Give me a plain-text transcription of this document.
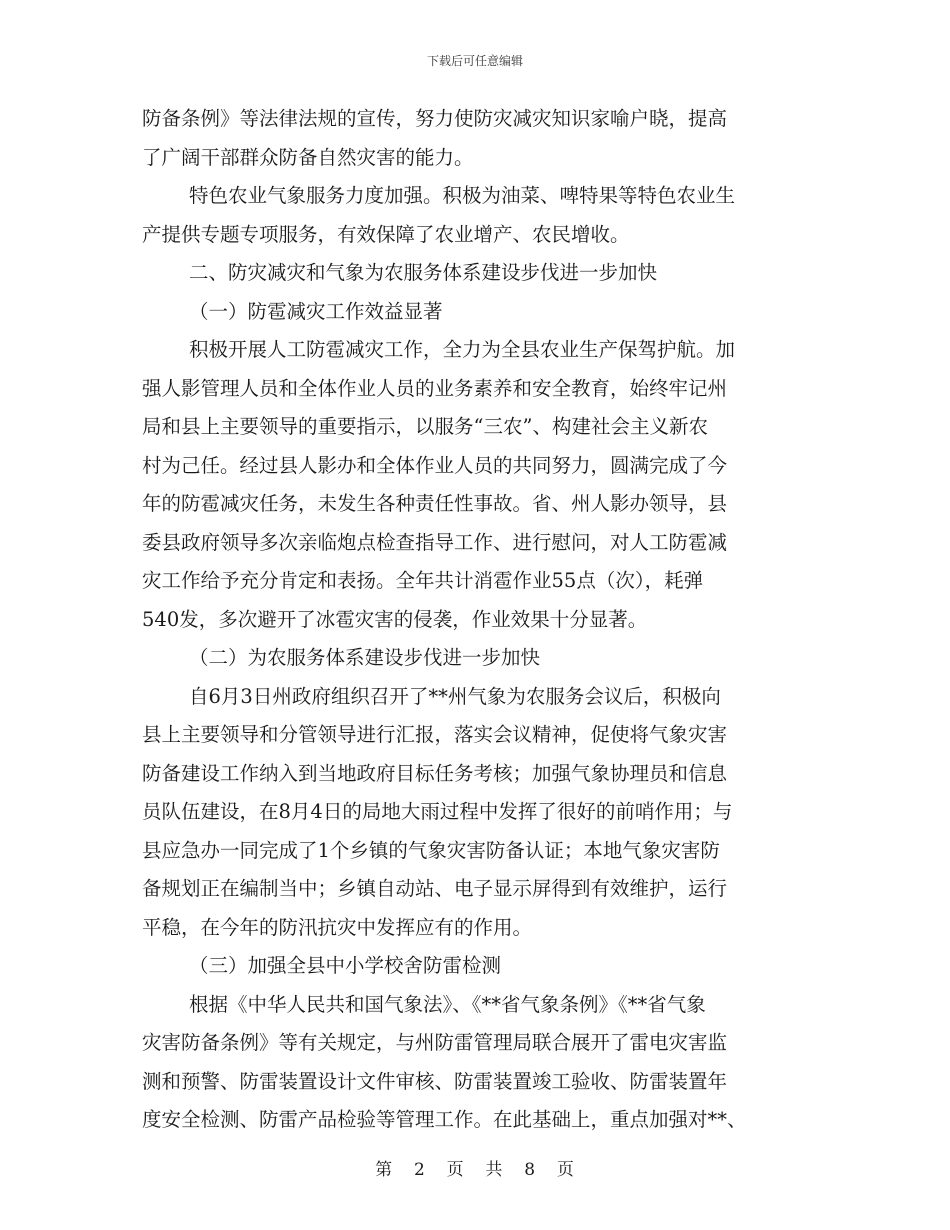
下载后可任意编辑
防备条例》等法律法规的宣传，努力使防灾减灾知识家喻户晓，提高
了广阔干部群众防备自然灾害的能力。
特色农业气象服务力度加强。积极为油菜、啤特果等特色农业生
产提供专题专项服务，有效保障了农业增产、农民增收。
二、防灾减灾和气象为农服务体系建设步伐进一步加快
（一）防雹减灾工作效益显著
积极开展人工防雹减灾工作，全力为全县农业生产保驾护航。加
强人影管理人员和全体作业人员的业务素养和安全教育，始终牢记州
局和县上主要领导的重要指示，以服务“三农”、构建社会主义新农
村为己任。经过县人影办和全体作业人员的共同努力，圆满完成了今
年的防雹减灾任务，未发生各种责任性事故。省、州人影办领导，县
委县政府领导多次亲临炮点检查指导工作、进行慰问，对人工防雹减
灾工作给予充分肯定和表扬。全年共计消雹作业55点（次），耗弹
540发，多次避开了冰雹灾害的侵袭，作业效果十分显著。
（二）为农服务体系建设步伐进一步加快
自6月3日州政府组织召开了**州气象为农服务会议后，积极向
县上主要领导和分管领导进行汇报，落实会议精神，促使将气象灾害
防备建设工作纳入到当地政府目标任务考核；加强气象协理员和信息
员队伍建设，在8月4日的局地大雨过程中发挥了很好的前哨作用；与
县应急办一同完成了1个乡镇的气象灾害防备认证；本地气象灾害防
备规划正在编制当中；乡镇自动站、电子显示屏得到有效维护，运行
平稳，在今年的防汛抗灾中发挥应有的作用。
（三）加强全县中小学校舍防雷检测
根据《中华人民共和国气象法》、《**省气象条例》《**省气象
灾害防备条例》等有关规定，与州防雷管理局联合展开了雷电灾害监
测和预警、防雷装置设计文件审核、防雷装置竣工验收、防雷装置年
度安全检测、防雷产品检验等管理工作。在此基础上，重点加强对**、
第 2 页 共 8 页
